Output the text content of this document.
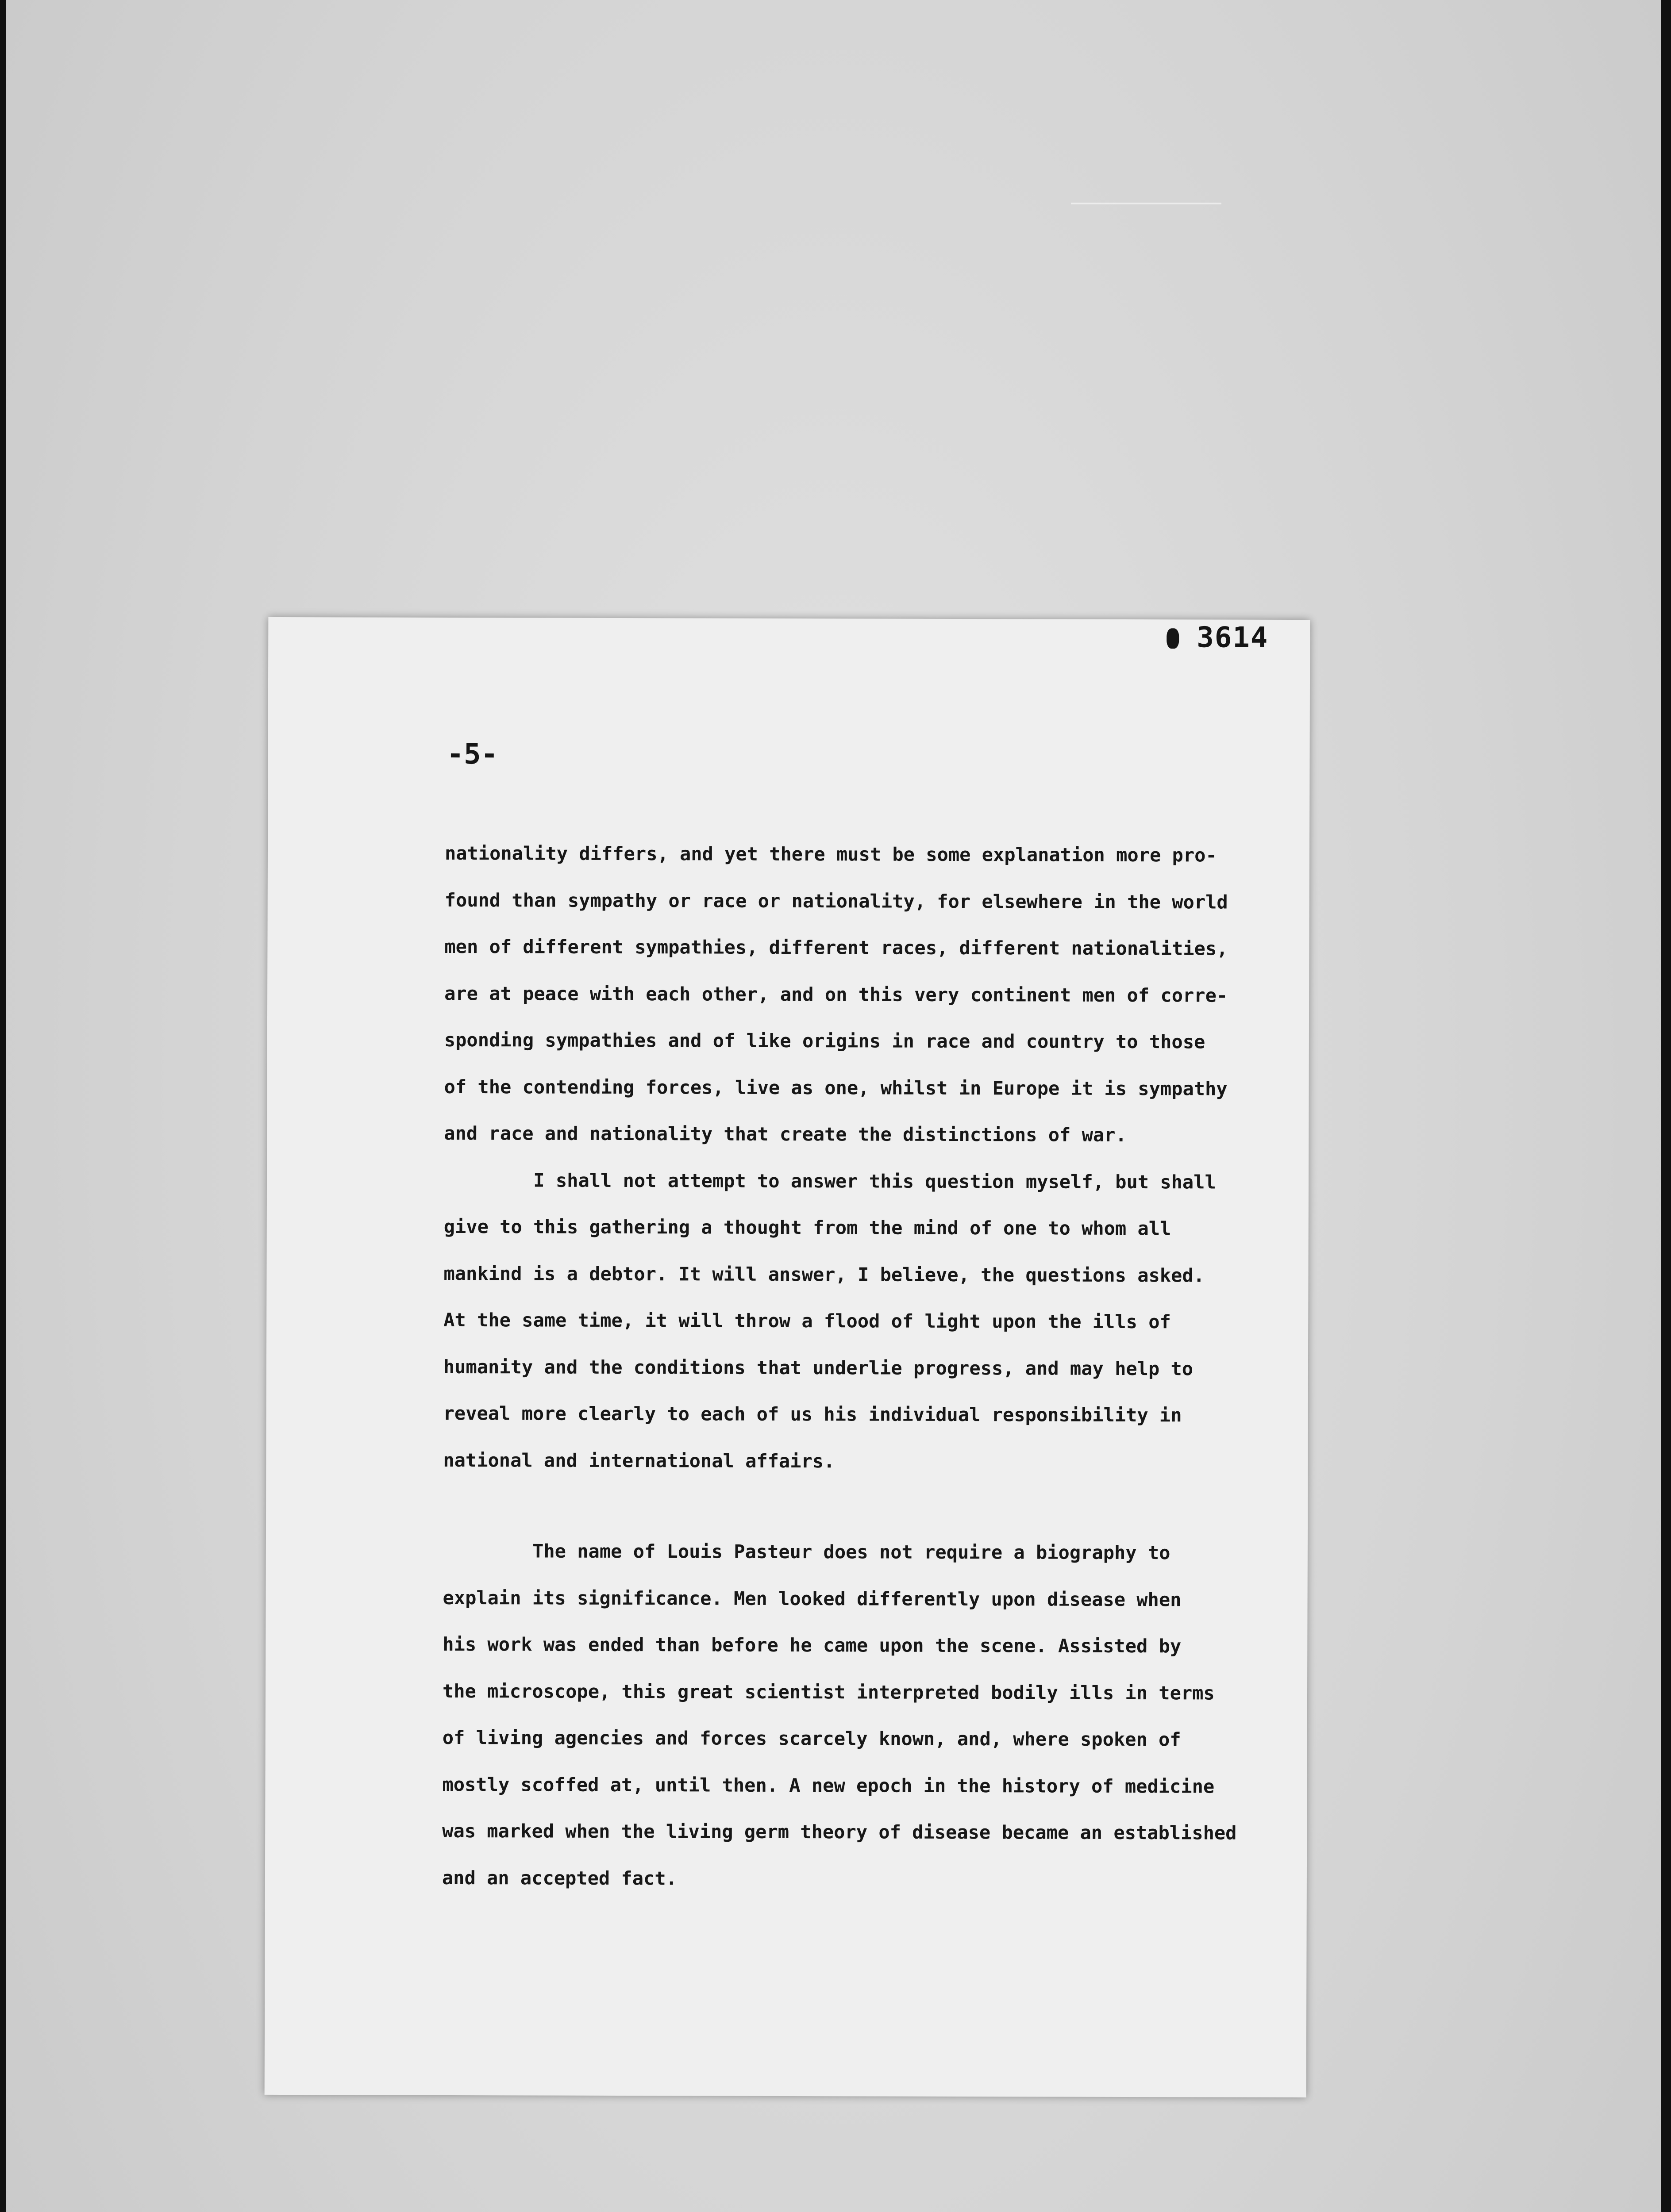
3614
-5-
nationality differs, and yet there must be some explanation more pro-
found than sympathy or race or nationality, for elsewhere in the world
men of different sympathies, different races, different nationalities,
are at peace with each other, and on this very continent men of corre-
sponding sympathies and of like origins in race and country to those
of the contending forces, live as one, whilst in Europe it is sympathy
and race and nationality that create the distinctions of war.
I shall not attempt to answer this question myself, but shall
give to this gathering a thought from the mind of one to whom all
mankind is a debtor. It will answer, I believe, the questions asked.
At the same time, it will throw a flood of light upon the ills of
humanity and the conditions that underlie progress, and may help to
reveal more clearly to each of us his individual responsibility in
national and international affairs.
The name of Louis Pasteur does not require a biography to
explain its significance. Men looked differently upon disease when
his work was ended than before he came upon the scene. Assisted by
the microscope, this great scientist interpreted bodily ills in terms
of living agencies and forces scarcely known, and, where spoken of
mostly scoffed at, until then. A new epoch in the history of medicine
was marked when the living germ theory of disease became an established
and an accepted fact.
